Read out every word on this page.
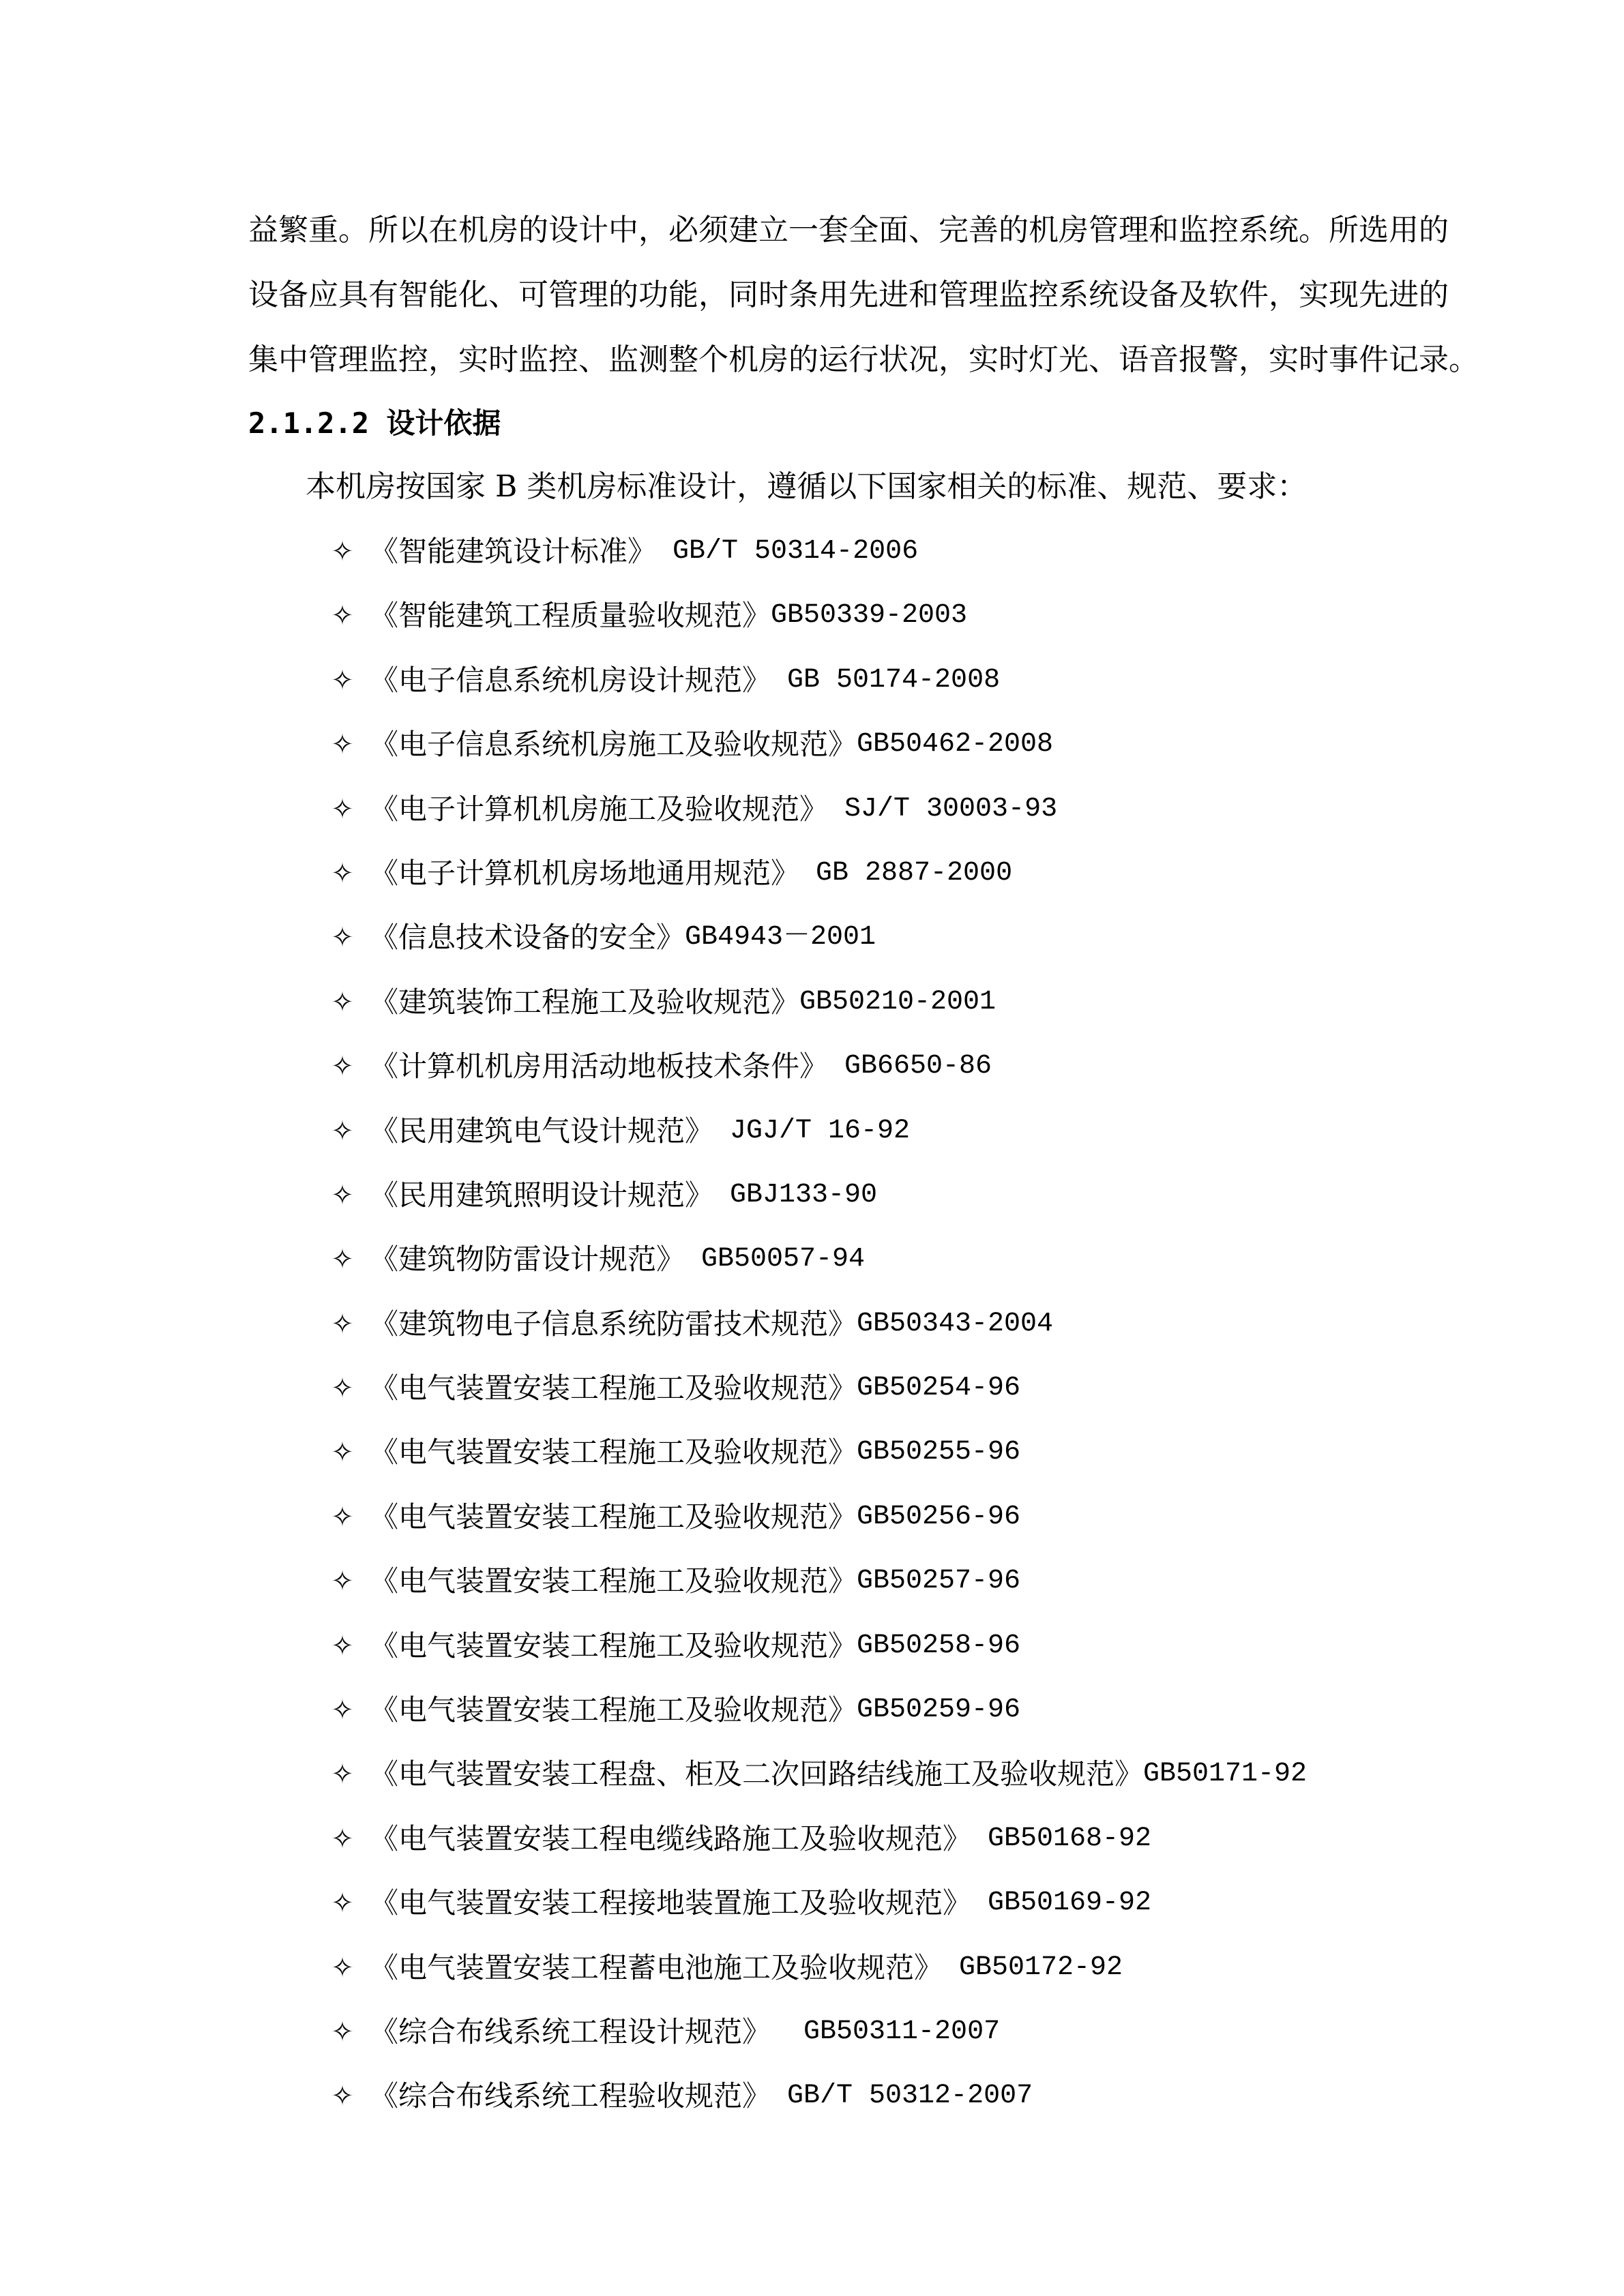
益繁重。所以在机房的设计中，必须建立一套全面、完善的机房管理和监控系统。所选用的
设备应具有智能化、可管理的功能，同时条用先进和管理监控系统设备及软件，实现先进的
集中管理监控，实时监控、监测整个机房的运行状况，实时灯光、语音报警，实时事件记录。
2.1.2.2 设计依据
本机房按国家 B 类机房标准设计，遵循以下国家相关的标准、规范、要求：
✧ 《智能建筑设计标准》 GB/T 50314-2006
✧ 《智能建筑工程质量验收规范》 GB50339-2003
✧ 《电子信息系统机房设计规范》 GB 50174-2008
✧ 《电子信息系统机房施工及验收规范》 GB50462-2008
✧ 《电子计算机机房施工及验收规范》 SJ/T 30003-93
✧ 《电子计算机机房场地通用规范》 GB 2887-2000
✧ 《信息技术设备的安全》 GB4943－2001
✧ 《建筑装饰工程施工及验收规范》 GB50210-2001
✧ 《计算机机房用活动地板技术条件》 GB6650-86
✧ 《民用建筑电气设计规范》 JGJ/T 16-92
✧ 《民用建筑照明设计规范》 GBJ133-90
✧ 《建筑物防雷设计规范》 GB50057-94
✧ 《建筑物电子信息系统防雷技术规范》 GB50343-2004
✧ 《电气装置安装工程施工及验收规范》 GB50254-96
✧ 《电气装置安装工程施工及验收规范》 GB50255-96
✧ 《电气装置安装工程施工及验收规范》 GB50256-96
✧ 《电气装置安装工程施工及验收规范》 GB50257-96
✧ 《电气装置安装工程施工及验收规范》 GB50258-96
✧ 《电气装置安装工程施工及验收规范》 GB50259-96
✧ 《电气装置安装工程盘、柜及二次回路结线施工及验收规范》 GB50171-92
✧ 《电气装置安装工程电缆线路施工及验收规范》 GB50168-92
✧ 《电气装置安装工程接地装置施工及验收规范》 GB50169-92
✧ 《电气装置安装工程蓄电池施工及验收规范》 GB50172-92
✧ 《综合布线系统工程设计规范》 GB50311-2007
✧ 《综合布线系统工程验收规范》 GB/T 50312-2007
